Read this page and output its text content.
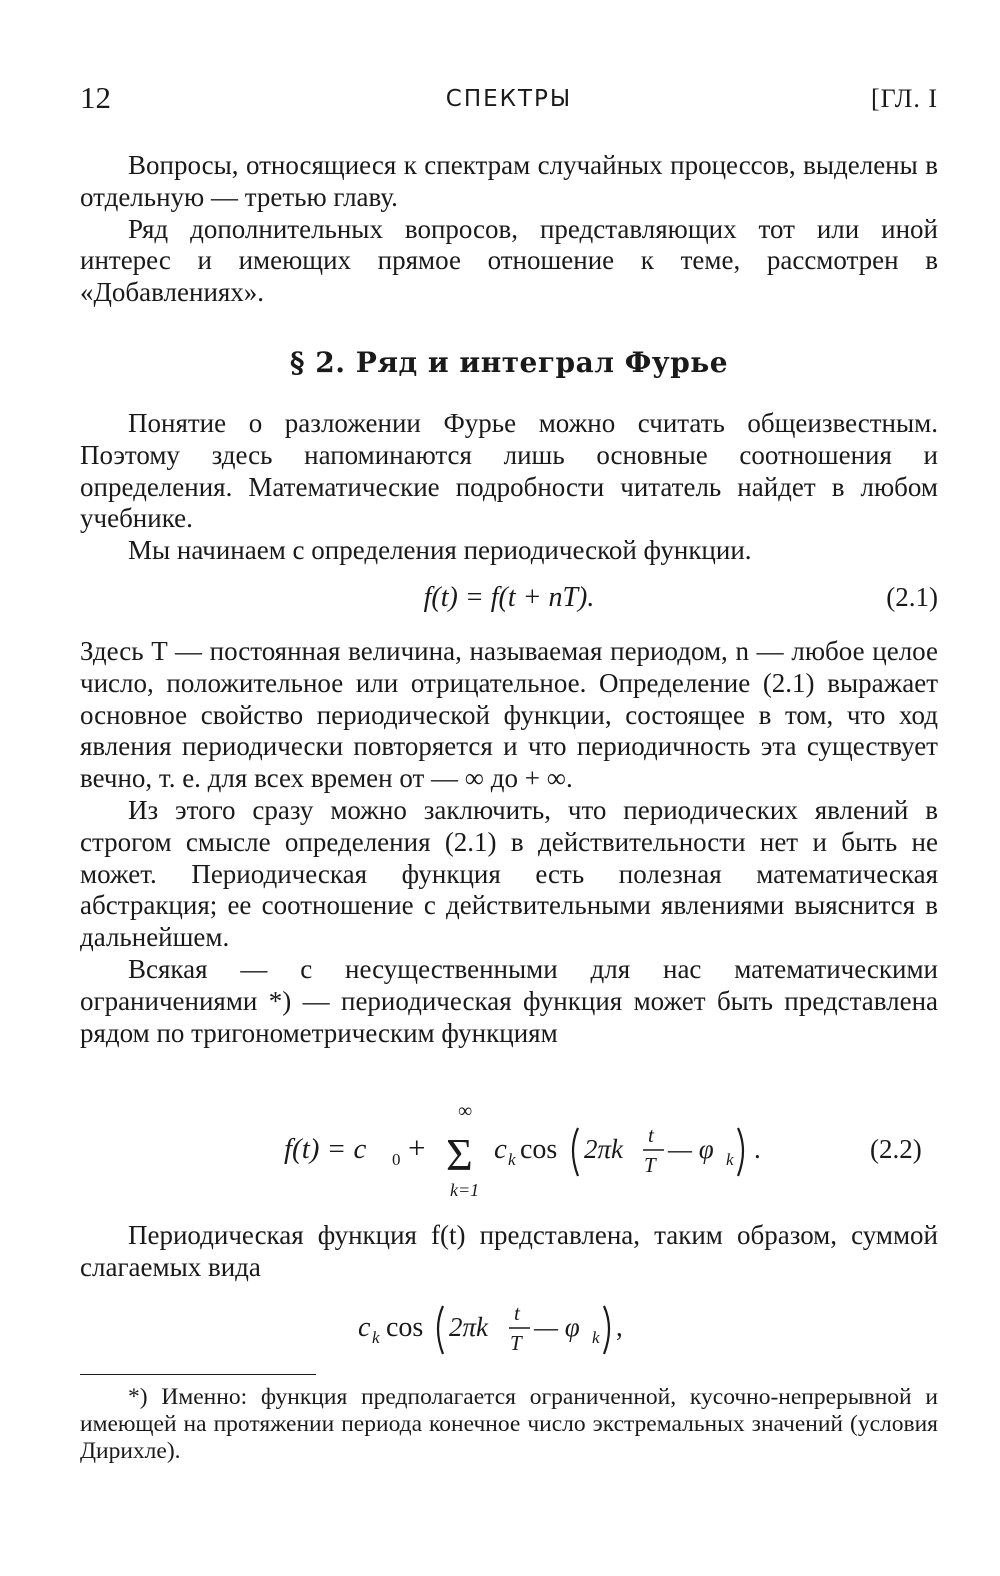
12	СПЕКТРЫ	[ГЛ. I

Вопросы, относящиеся к спектрам случайных процессов, выделены в отдельную — третью главу.

Ряд дополнительных вопросов, представляющих тот или иной интерес и имеющих прямое отношение к теме, рассмотрен в «Добавлениях».

§ 2. Ряд и интеграл Фурье

Понятие о разложении Фурье можно считать общеизвестным. Поэтому здесь напоминаются лишь основные соотношения и определения. Математические подробности читатель найдет в любом учебнике.

Мы начинаем с определения периодической функции.

f(t) = f(t + nT).	(2.1)

Здесь T — постоянная величина, называемая периодом, n — любое целое число, положительное или отрицательное. Определение (2.1) выражает основное свойство периодической функции, состоящее в том, что ход явления периодически повторяется и что периодичность эта существует вечно, т. е. для всех времен от — ∞ до + ∞.

Из этого сразу можно заключить, что периодических явлений в строгом смысле определения (2.1) в действительности нет и быть не может. Периодическая функция есть полезная математическая абстракция; ее соотношение с действительными явлениями выяснится в дальнейшем.

Всякая — с несущественными для нас математическими ограничениями *) — периодическая функция может быть представлена рядом по тригонометрическим функциям

f(t) = c 0 +
∞
Σ
k=1
c k cos 2πk t
T
— φ k .	(2.2)

Периодическая функция f(t) представлена, таким образом, суммой слагаемых вида

c k cos 2πk t
T
— φ k ,

*) Именно: функция предполагается ограниченной, кусочно-непрерывной и имеющей на протяжении периода конечное число экстремальных значений (условия Дирихле).
